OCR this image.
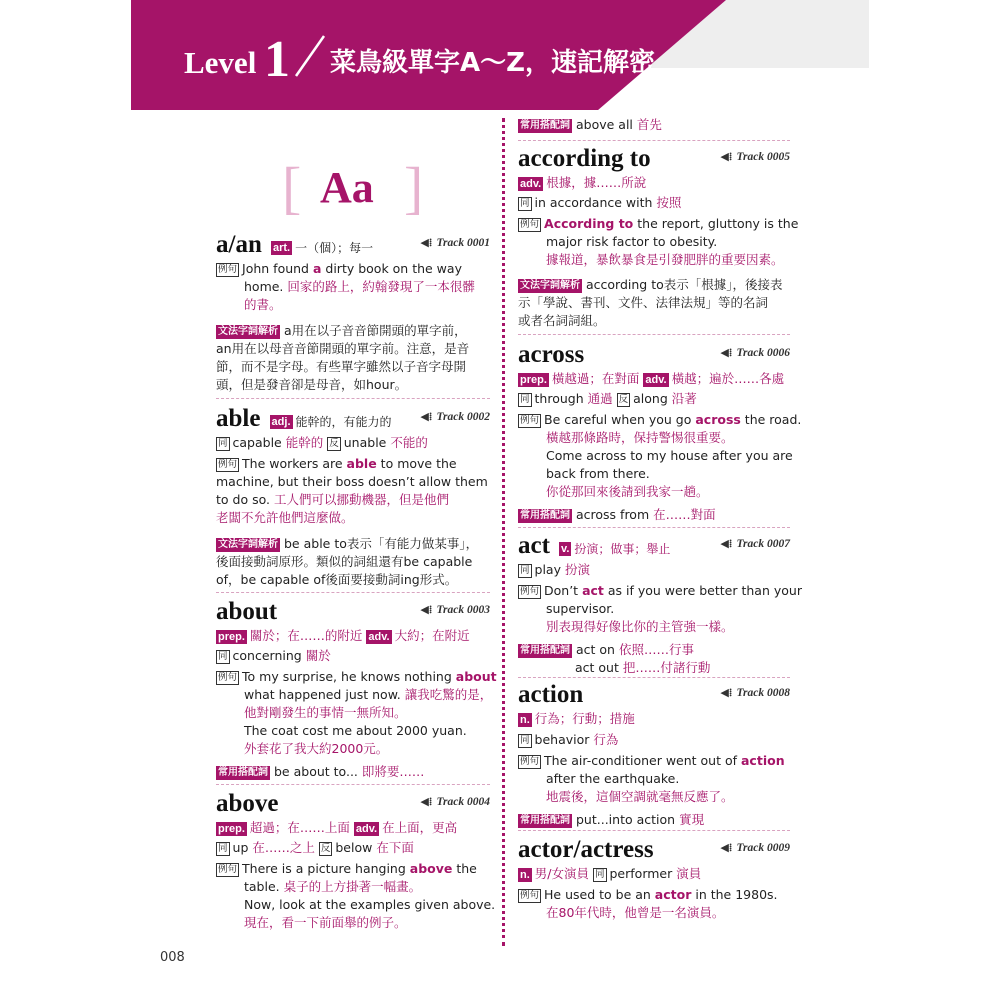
Level 1 菜鳥級單字A～Z，速記解密
[ Aa ]
a/an art. 一（個）；每一	◀⁞ Track 0001
例句 John found a dirty book on the way
home. 回家的路上，約翰發現了一本很髒
的書。
文法字詞解析 a用在以子音音節開頭的單字前，
an用在以母音音節開頭的單字前。注意，是音
節，而不是字母。有些單字雖然以子音字母開
頭，但是發音卻是母音，如hour。
able adj. 能幹的，有能力的	◀⁞ Track 0002
同 capable 能幹的 反 unable 不能的
例句 The workers are able to move the
machine, but their boss doesn’t allow them
to do so. 工人們可以挪動機器，但是他們
老闆不允許他們這麼做。
文法字詞解析 be able to表示「有能力做某事」，
後面接動詞原形。類似的詞組還有be capable
of，be capable of後面要接動詞ing形式。
about	◀⁞ Track 0003
prep. 關於；在……的附近 adv. 大約；在附近
同 concerning 關於
例句 To my surprise, he knows nothing about
what happened just now. 讓我吃驚的是，
他對剛發生的事情一無所知。
The coat cost me about 2000 yuan.
外套花了我大約2000元。
常用搭配詞 be about to... 即將要……
above	◀⁞ Track 0004
prep. 超過；在……上面 adv. 在上面，更高
同 up 在……之上 反 below 在下面
例句 There is a picture hanging above the
table. 桌子的上方掛著一幅畫。
Now, look at the examples given above.
現在，看一下前面舉的例子。
常用搭配詞 above all 首先
according to	◀⁞ Track 0005
adv. 根據，據……所說
同 in accordance with 按照
例句 According to the report, gluttony is the
major risk factor to obesity.
據報道，暴飲暴食是引發肥胖的重要因素。
文法字詞解析 according to表示「根據」，後接表
示「學說、書刊、文件、法律法規」等的名詞
或者名詞詞組。
across	◀⁞ Track 0006
prep. 橫越過；在對面 adv. 橫越；遍於……各處
同 through 通過 反 along 沿著
例句 Be careful when you go across the road.
橫越那條路時，保持警惕很重要。
Come across to my house after you are
back from there.
你從那回來後請到我家一趟。
常用搭配詞 across from 在……對面
act v. 扮演；做事；舉止	◀⁞ Track 0007
同 play 扮演
例句 Don’t act as if you were better than your
supervisor.
別表現得好像比你的主管強一樣。
常用搭配詞 act on 依照……行事
act out 把……付諸行動
action	◀⁞ Track 0008
n. 行為；行動；措施
同 behavior 行為
例句 The air-conditioner went out of action
after the earthquake.
地震後，這個空調就毫無反應了。
常用搭配詞 put...into action 實現
actor/actress	◀⁞ Track 0009
n. 男/女演員 同 performer 演員
例句 He used to be an actor in the 1980s.
在80年代時，他曾是一名演員。
008
